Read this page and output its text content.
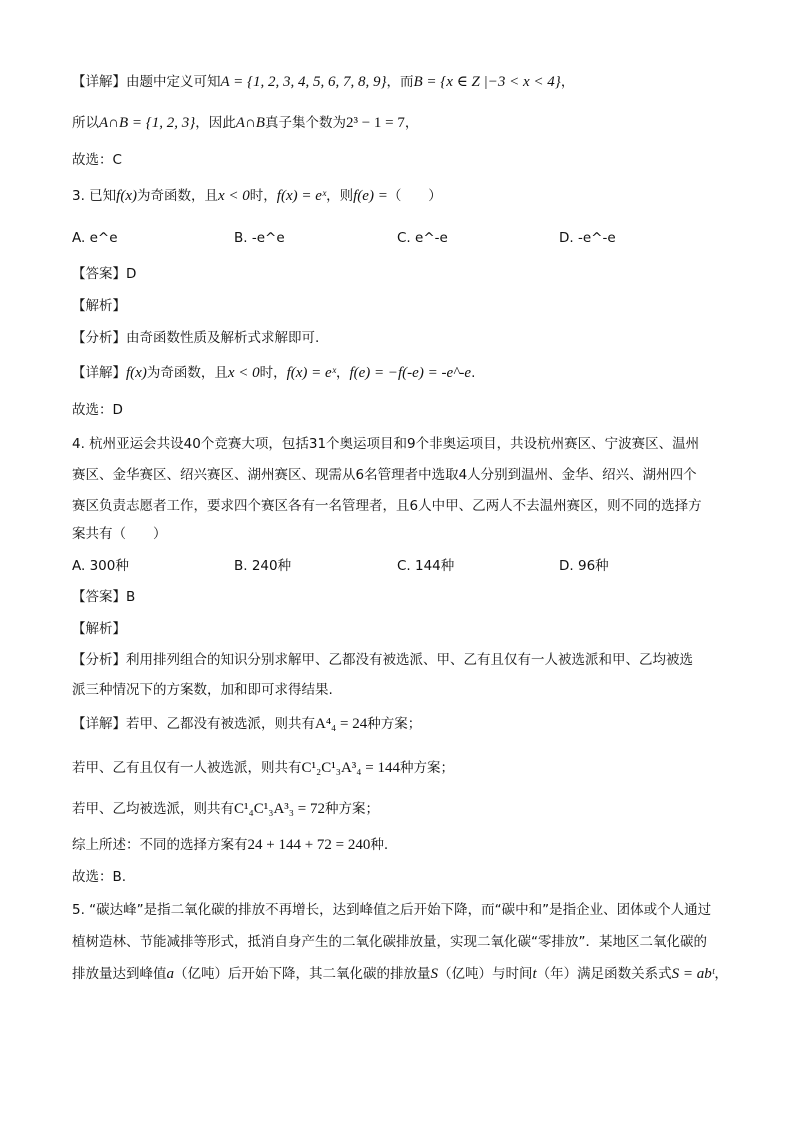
【详解】由题中定义可知A = {1, 2, 3, 4, 5, 6, 7, 8, 9}，而B = {x ∈ Z |−3 < x < 4}，
所以A∩B = {1, 2, 3}，因此A∩B真子集个数为2³ − 1 = 7，
故选：C
3. 已知f(x)为奇函数，且x < 0时，f(x) = eˣ，则f(e) =（　　）
A. e^e	B. -e^e	C. e^-e	D. -e^-e
【答案】D
【解析】
【分析】由奇函数性质及解析式求解即可.
【详解】f(x)为奇函数，且x < 0时，f(x) = eˣ，f(e) = −f(-e) = -e^-e.
故选：D
4. 杭州亚运会共设40个竞赛大项，包括31个奥运项目和9个非奥运项目，共设杭州赛区、宁波赛区、温州
赛区、金华赛区、绍兴赛区、湖州赛区、现需从6名管理者中选取4人分别到温州、金华、绍兴、湖州四个
赛区负责志愿者工作，要求四个赛区各有一名管理者，且6人中甲、乙两人不去温州赛区，则不同的选择方
案共有（　　）
A. 300种	B. 240种	C. 144种	D. 96种
【答案】B
【解析】
【分析】利用排列组合的知识分别求解甲、乙都没有被选派、甲、乙有且仅有一人被选派和甲、乙均被选
派三种情况下的方案数，加和即可求得结果.
【详解】若甲、乙都没有被选派，则共有A⁴₄ = 24种方案；
若甲、乙有且仅有一人被选派，则共有C¹₂C¹₃A³₄ = 144种方案；
若甲、乙均被选派，则共有C¹₄C¹₃A³₃ = 72种方案；
综上所述：不同的选择方案有24 + 144 + 72 = 240种.
故选：B.
5. “碳达峰”是指二氧化碳的排放不再增长，达到峰值之后开始下降，而“碳中和”是指企业、团体或个人通过
植树造林、节能减排等形式，抵消自身产生的二氧化碳排放量，实现二氧化碳“零排放”．某地区二氧化碳的
排放量达到峰值a（亿吨）后开始下降，其二氧化碳的排放量S（亿吨）与时间t（年）满足函数关系式S = abᵗ，
